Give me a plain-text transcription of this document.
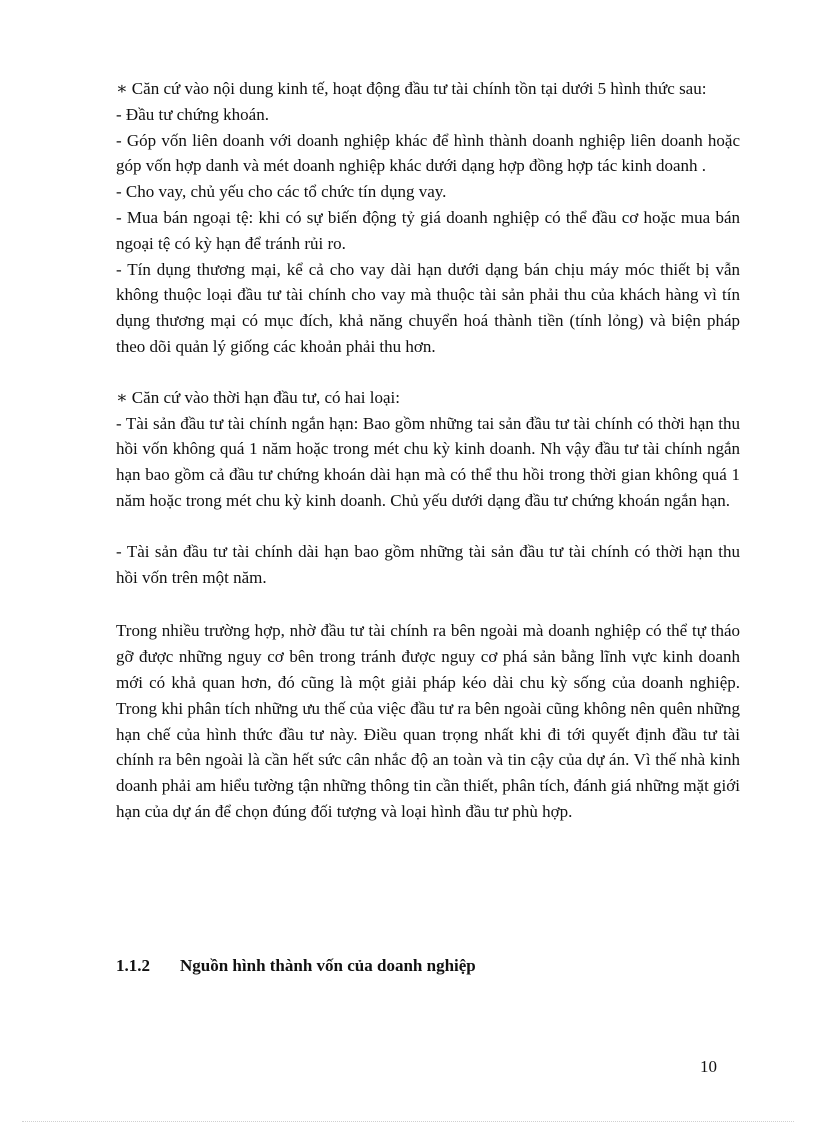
∗ Căn cứ vào nội dung kinh tế, hoạt động đầu tư tài chính tồn tại dưới 5 hình thức sau:

- Đầu tư chứng khoán.

- Góp vốn liên doanh với doanh nghiệp khác để hình thành doanh nghiệp liên doanh hoặc góp vốn hợp danh và mét doanh nghiệp khác dưới dạng hợp đồng hợp tác kinh doanh .

- Cho vay, chủ yếu cho các tổ chức tín dụng vay.

- Mua bán ngoại tệ: khi có sự biến động tỷ giá doanh nghiệp có thể đầu cơ hoặc mua bán ngoại tệ có kỳ hạn để tránh rủi ro.

- Tín dụng thương mại, kể cả cho vay dài hạn dưới dạng bán chịu máy móc thiết bị vẫn không thuộc loại đầu tư tài chính cho vay mà thuộc tài sản phải thu của khách hàng vì tín dụng thương mại có mục đích, khả năng chuyển hoá thành tiền (tính lỏng) và biện pháp theo dõi quản lý giống các khoản phải thu hơn.

∗ Căn cứ vào thời hạn đầu tư, có hai loại:

- Tài sản đầu tư tài chính ngắn hạn: Bao gồm những tai sản đầu tư tài chính có thời hạn thu hồi vốn không quá 1 năm hoặc trong mét chu kỳ kinh doanh. Nh vậy đầu tư tài chính ngắn hạn bao gồm cả đầu tư chứng khoán dài hạn mà có thể thu hồi trong thời gian không quá 1 năm hoặc trong mét chu kỳ kinh doanh. Chủ yếu dưới dạng đầu tư chứng khoán ngắn hạn.

- Tài sản đầu tư tài chính dài hạn bao gồm những tài sản đầu tư tài chính có thời hạn thu hồi vốn trên một năm.

Trong nhiều trường hợp, nhờ đầu tư tài chính ra bên ngoài mà doanh nghiệp có thể tự tháo gỡ được những nguy cơ bên trong tránh được nguy cơ phá sản bằng lĩnh vực kinh doanh mới có khả quan hơn, đó cũng là một giải pháp kéo dài chu kỳ sống của doanh nghiệp. Trong khi phân tích những ưu thế của việc đầu tư ra bên ngoài cũng không nên quên những hạn chế của hình thức đầu tư này. Điều quan trọng nhất khi đi tới quyết định đầu tư tài chính ra bên ngoài là cần hết sức cân nhắc độ an toàn và tin cậy của dự án. Vì thế nhà kinh doanh phải am hiểu tường tận những thông tin cần thiết, phân tích, đánh giá những mặt giới hạn của dự án để chọn đúng đối tượng và loại hình đầu tư phù hợp.

1.1.2	Nguồn hình thành vốn của doanh nghiệp
10
